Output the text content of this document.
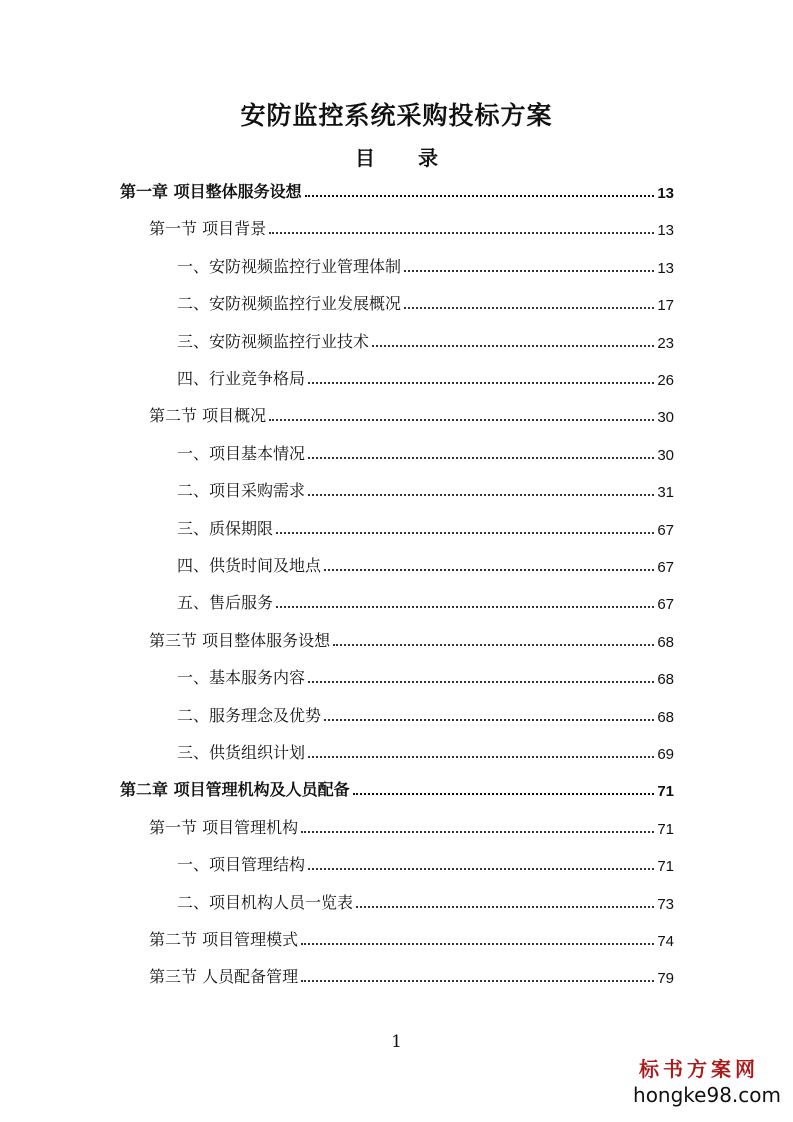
安防监控系统采购投标方案
目 录
第一章 项目整体服务设想	13
第一节 项目背景	13
一、安防视频监控行业管理体制	13
二、安防视频监控行业发展概况	17
三、安防视频监控行业技术	23
四、行业竞争格局	26
第二节 项目概况	30
一、项目基本情况	30
二、项目采购需求	31
三、质保期限	67
四、供货时间及地点	67
五、售后服务	67
第三节 项目整体服务设想	68
一、基本服务内容	68
二、服务理念及优势	68
三、供货组织计划	69
第二章 项目管理机构及人员配备	71
第一节 项目管理机构	71
一、项目管理结构	71
二、项目机构人员一览表	73
第二节 项目管理模式	74
第三节 人员配备管理	79
1
标书方案网
hongke98.com
